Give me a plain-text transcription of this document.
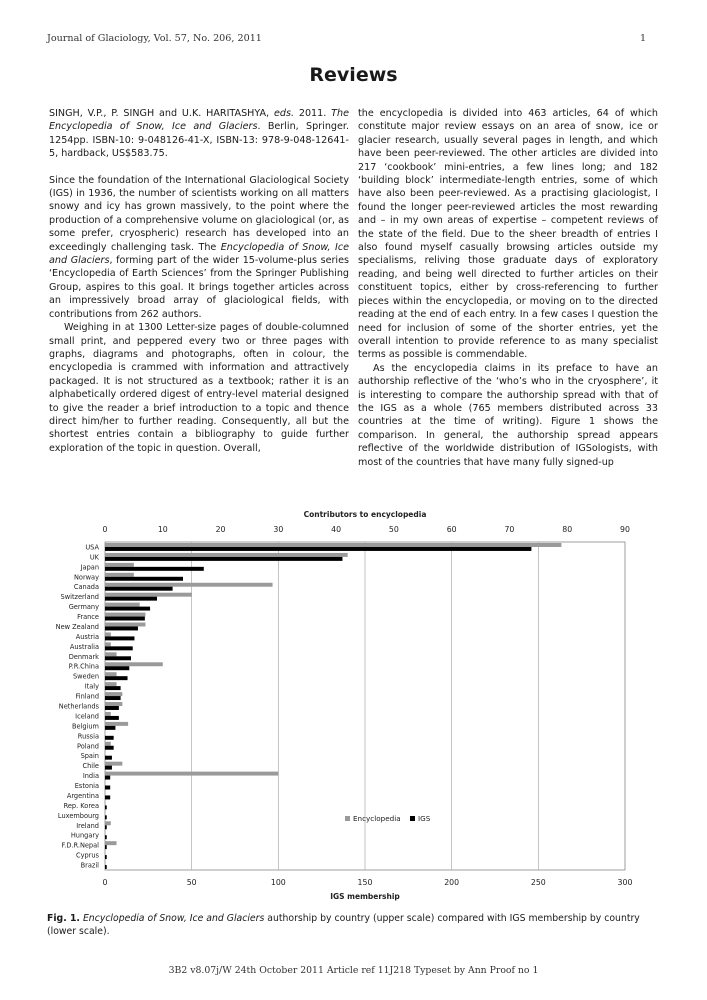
Journal of Glaciology, Vol. 57, No. 206, 2011	1
Reviews

SINGH, V.P., P. SINGH and U.K. HARITASHYA, eds. 2011. The Encyclopedia of Snow, Ice and Glaciers. Berlin, Springer. 1254pp. ISBN-10: 9-048126-41-X, ISBN-13: 978-9-048-12641-5, hardback, US$583.75.

Since the foundation of the International Glaciological Society (IGS) in 1936, the number of scientists working on all matters snowy and icy has grown massively, to the point where the production of a comprehensive volume on glaciological (or, as some prefer, cryospheric) research has developed into an exceedingly challenging task. The Encyclopedia of Snow, Ice and Glaciers, forming part of the wider 15-volume-plus series ‘Encyclopedia of Earth Sciences’ from the Springer Publishing Group, aspires to this goal. It brings together articles across an impressively broad array of glaciological fields, with contributions from 262 authors.

Weighing in at 1300 Letter-size pages of double-columned small print, and peppered every two or three pages with graphs, diagrams and photographs, often in colour, the encyclopedia is crammed with information and attractively packaged. It is not structured as a textbook; rather it is an alphabetically ordered digest of entry-level material designed to give the reader a brief introduction to a topic and thence direct him/her to further reading. Consequently, all but the shortest entries contain a bibliography to guide further exploration of the topic in question. Overall,

the encyclopedia is divided into 463 articles, 64 of which constitute major review essays on an area of snow, ice or glacier research, usually several pages in length, and which have been peer-reviewed. The other articles are divided into 217 ‘cookbook’ mini-entries, a few lines long; and 182 ‘building block’ intermediate-length entries, some of which have also been peer-reviewed. As a practising glaciologist, I found the longer peer-reviewed articles the most rewarding and – in my own areas of expertise – competent reviews of the state of the field. Due to the sheer breadth of entries I also found myself casually browsing articles outside my specialisms, reliving those graduate days of exploratory reading, and being well directed to further articles on their constituent topics, either by cross-referencing to further pieces within the encyclopedia, or moving on to the directed reading at the end of each entry. In a few cases I question the need for inclusion of some of the shorter entries, yet the overall intention to provide reference to as many specialist terms as possible is commendable.

As the encyclopedia claims in its preface to have an authorship reflective of the ‘who’s who in the cryosphere’, it is interesting to compare the authorship spread with that of the IGS as a whole (765 members distributed across 33 countries at the time of writing). Figure 1 shows the comparison. In general, the authorship spread appears reflective of the worldwide distribution of IGSologists, with most of the countries that have many fully signed-up

Contributors to encyclopedia
0	10	20	30	40	50	60	70	80	90
0	50	100	150	200	250	300
IGS membership
USA
UK
Japan
Norway
Canada
Switzerland
Germany
France
New Zealand
Austria
Australia
Denmark
P.R.China
Sweden
Italy
Finland
Netherlands
Iceland
Belgium
Russia
Poland
Spain
Chile
India
Estonia
Argentina
Rep. Korea
Luxembourg
Ireland
Hungary
F.D.R.Nepal
Cyprus
Brazil
Encyclopedia IGS
Fig. 1. Encyclopedia of Snow, Ice and Glaciers authorship by country (upper scale) compared with IGS membership by country (lower scale).
3B2 v8.07j/W 24th October 2011 Article ref 11J218 Typeset by Ann Proof no 1
